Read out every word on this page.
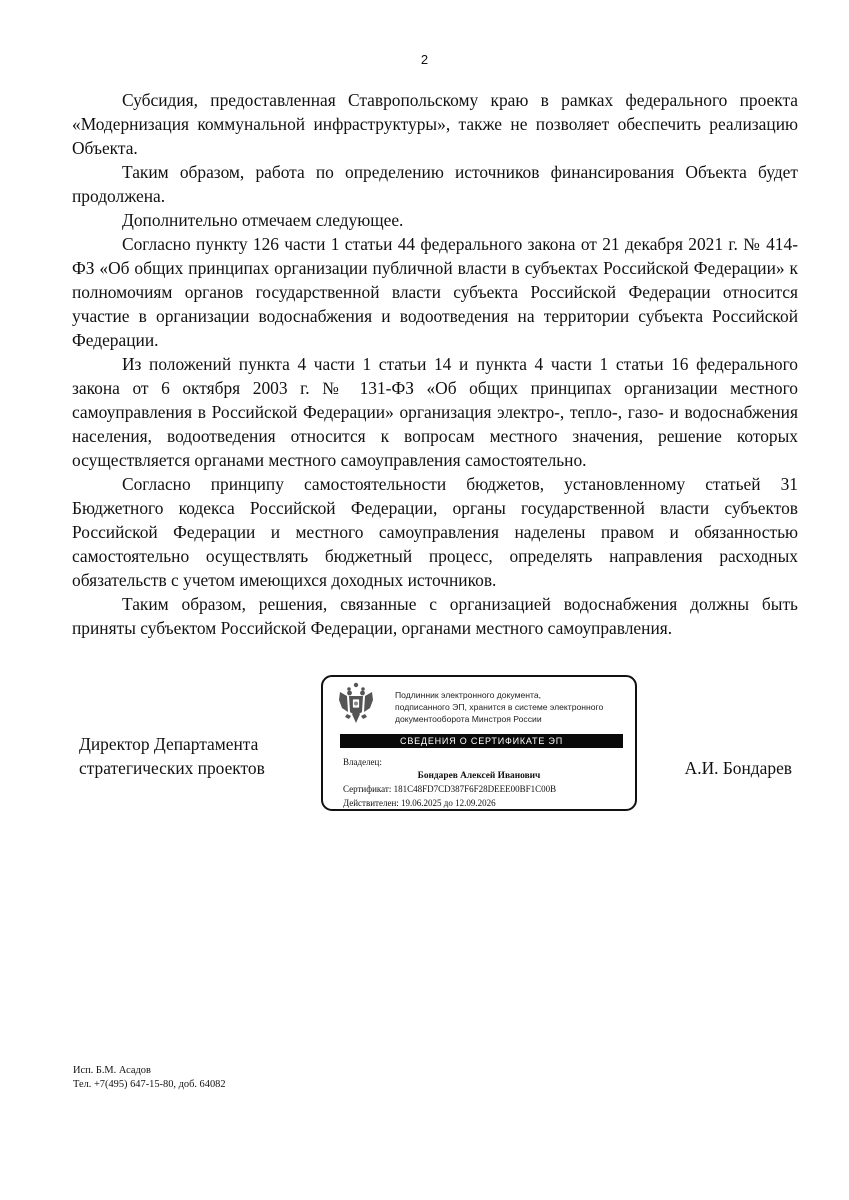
2

Субсидия, предоставленная Ставропольскому краю в рамках федерального проекта «Модернизация коммунальной инфраструктуры», также не позволяет обеспечить реализацию Объекта.

Таким образом, работа по определению источников финансирования Объекта будет продолжена.

Дополнительно отмечаем следующее.

Согласно пункту 126 части 1 статьи 44 федерального закона от 21 декабря 2021 г. № 414-ФЗ «Об общих принципах организации публичной власти в субъектах Российской Федерации» к полномочиям органов государственной власти субъекта Российской Федерации относится участие в организации водоснабжения и водоотведения на территории субъекта Российской Федерации.

Из положений пункта 4 части 1 статьи 14 и пункта 4 части 1 статьи 16 федерального закона от 6 октября 2003 г. № 131-ФЗ «Об общих принципах организации местного самоуправления в Российской Федерации» организация электро-, тепло-, газо- и водоснабжения населения, водоотведения относится к вопросам местного значения, решение которых осуществляется органами местного самоуправления самостоятельно.

Согласно принципу самостоятельности бюджетов, установленному статьей 31 Бюджетного кодекса Российской Федерации, органы государственной власти субъектов Российской Федерации и местного самоуправления наделены правом и обязанностью самостоятельно осуществлять бюджетный процесс, определять направления расходных обязательств с учетом имеющихся доходных источников.

Таким образом, решения, связанные с организацией водоснабжения должны быть приняты субъектом Российской Федерации, органами местного самоуправления.

Директор Департамента
стратегических проектов	А.И. Бондарев
Подлинник электронного документа,
подписанного ЭП, хранится в системе электронного
документооборота Минстроя России
СВЕДЕНИЯ О СЕРТИФИКАТЕ ЭП
Владелец:
Бондарев Алексей Иванович
Сертификат: 181C48FD7CD387F6F28DEEE00BF1C00B
Действителен: 19.06.2025 до 12.09.2026
Исп. Б.М. Асадов
Тел. +7(495) 647-15-80, доб. 64082
